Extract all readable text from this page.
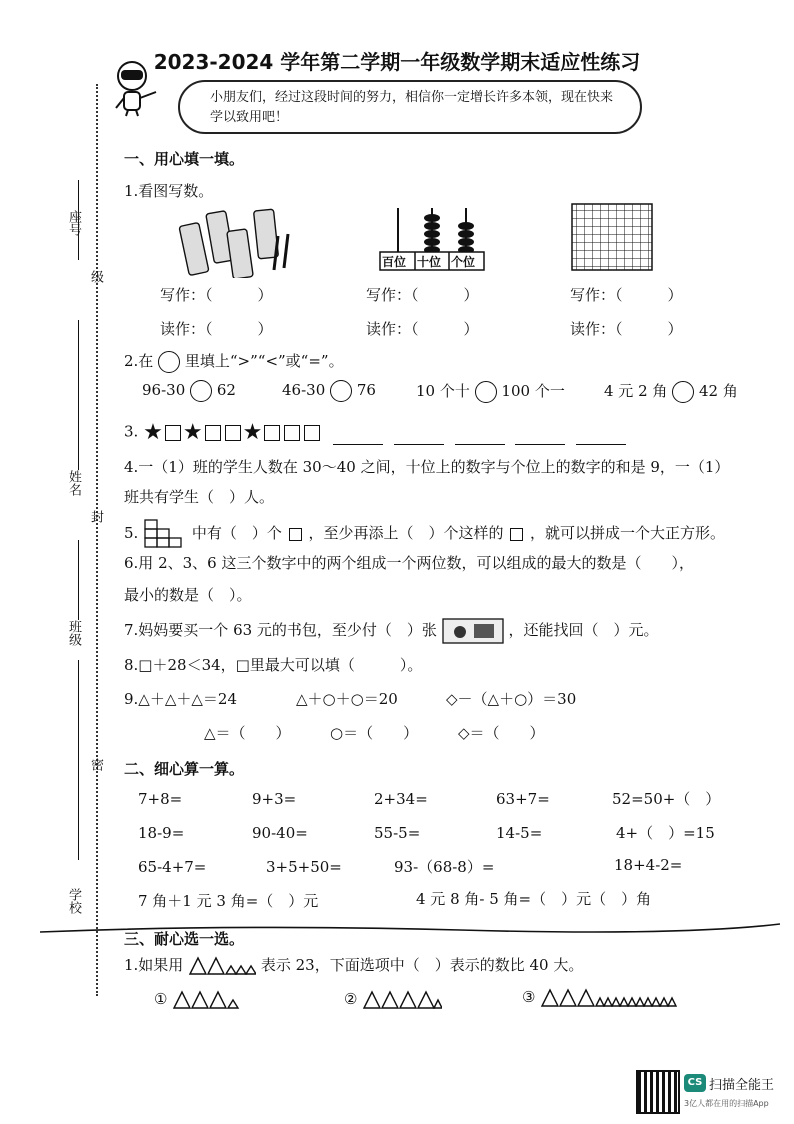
2023-2024 学年第二学期一年级数学期末适应性练习
小朋友们，经过这段时间的努力，相信你一定增长许多本领，现在快来学以致用吧！
座号
级
姓名
封
班级
密
学校
一、用心填一填。
1.看图写数。
百位 十位 个位
写作：（　　　）	写作：（　　　）	写作：（　　　）
读作：（　　　）	读作：（　　　）	读作：（　　　）
2.在 里填上“>”“<”或“=”。
96-30 62	46-30 76	10 个十 100 个一	4 元 2 角 42 角
3. ★ ★ ★
4.一（1）班的学生人数在 30～40 之间，十位上的数字与个位上的数字的和是 9，一（1）
班共有学生（　）人。
5.	中有（　）个 ，至少再添上（　）个这样的 ，就可以拼成一个大正方形。
6.用 2、3、6 这三个数字中的两个组成一个两位数，可以组成的最大的数是（　　），
最小的数是（　）。
7.妈妈要买一个 63 元的书包，至少付（　）张	，还能找回（　）元。
8.□＋28＜34，□里最大可以填（　　　）。
9.△＋△＋△＝24	△＋○＋○＝20	◇－（△＋○）＝30
△＝（　　）	○＝（　　）	◇＝（　　）
二、细心算一算。
7+8=	9+3=	2+34=	63+7=	52=50+（　）
18-9=	90-40=	55-5=	14-5=	4+（　）=15
65-4+7=	3+5+50=	93-（68-8）=	18+4-2=
7 角＋1 元 3 角=（　）元	4 元 8 角- 5 角=（　）元（　）角
三、耐心选一选。
1.如果用	表示 23，下面选项中（　）表示的数比 40 大。
①	②	③
CS 扫描全能王
3亿人都在用的扫描App
